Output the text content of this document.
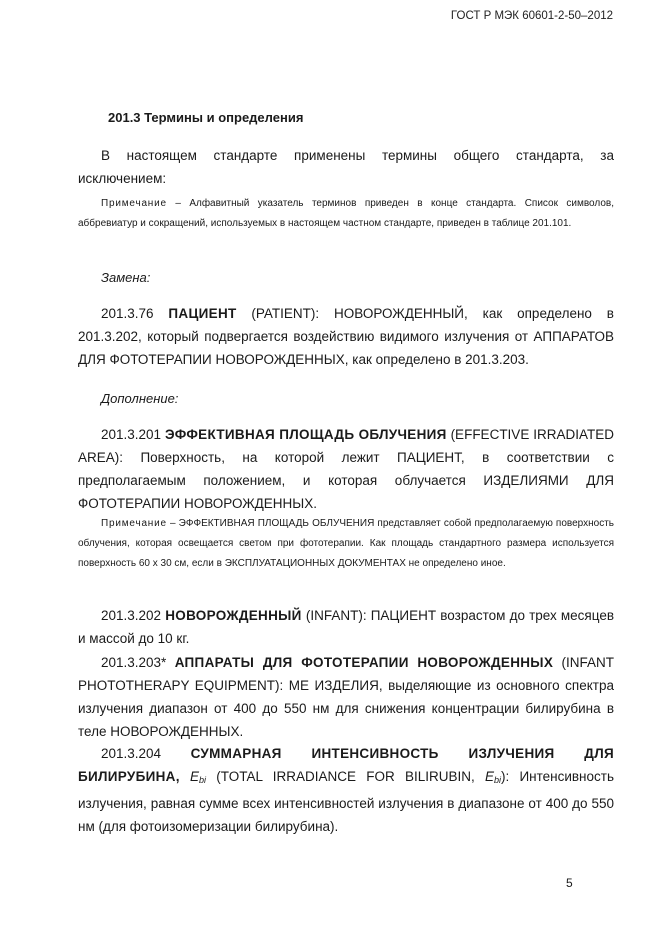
ГОСТ Р МЭК 60601-2-50–2012
201.3 Термины и определения
В настоящем стандарте применены термины общего стандарта, за исключением:
Примечание – Алфавитный указатель терминов приведен в конце стандарта. Список символов, аббревиатур и сокращений, используемых в настоящем частном стандарте, приведен в таблице 201.101.
Замена:
201.3.76 ПАЦИЕНТ (PATIENT): НОВОРОЖДЕННЫЙ, как определено в 201.3.202, который подвергается воздействию видимого излучения от АППАРАТОВ ДЛЯ ФОТОТЕРАПИИ НОВОРОЖДЕННЫХ, как определено в 201.3.203.
Дополнение:
201.3.201 ЭФФЕКТИВНАЯ ПЛОЩАДЬ ОБЛУЧЕНИЯ (EFFECTIVE IRRADIATED AREA): Поверхность, на которой лежит ПАЦИЕНТ, в соответствии с предполагаемым положением, и которая облучается ИЗДЕЛИЯМИ ДЛЯ ФОТОТЕРАПИИ НОВОРОЖДЕННЫХ.
Примечание – ЭФФЕКТИВНАЯ ПЛОЩАДЬ ОБЛУЧЕНИЯ представляет собой предполагаемую поверхность облучения, которая освещается светом при фототерапии. Как площадь стандартного размера используется поверхность 60 х 30 см, если в ЭКСПЛУАТАЦИОННЫХ ДОКУМЕНТАХ не определено иное.
201.3.202 НОВОРОЖДЕННЫЙ (INFANT): ПАЦИЕНТ возрастом до трех месяцев и массой до 10 кг.
201.3.203* АППАРАТЫ ДЛЯ ФОТОТЕРАПИИ НОВОРОЖДЕННЫХ (INFANT PHOTOTHERAPY EQUIPMENT): МЕ ИЗДЕЛИЯ, выделяющие из основного спектра излучения диапазон от 400 до 550 нм для снижения концентрации билирубина в теле НОВОРОЖДЕННЫХ.
201.3.204 СУММАРНАЯ ИНТЕНСИВНОСТЬ ИЗЛУЧЕНИЯ ДЛЯ БИЛИРУБИНА, $E_{bi}$ (TOTAL IRRADIANCE FOR BILIRUBIN, $E_{bi}$): Интенсивность излучения, равная сумме всех интенсивностей излучения в диапазоне от 400 до 550 нм (для фотоизомеризации билирубина).
5
